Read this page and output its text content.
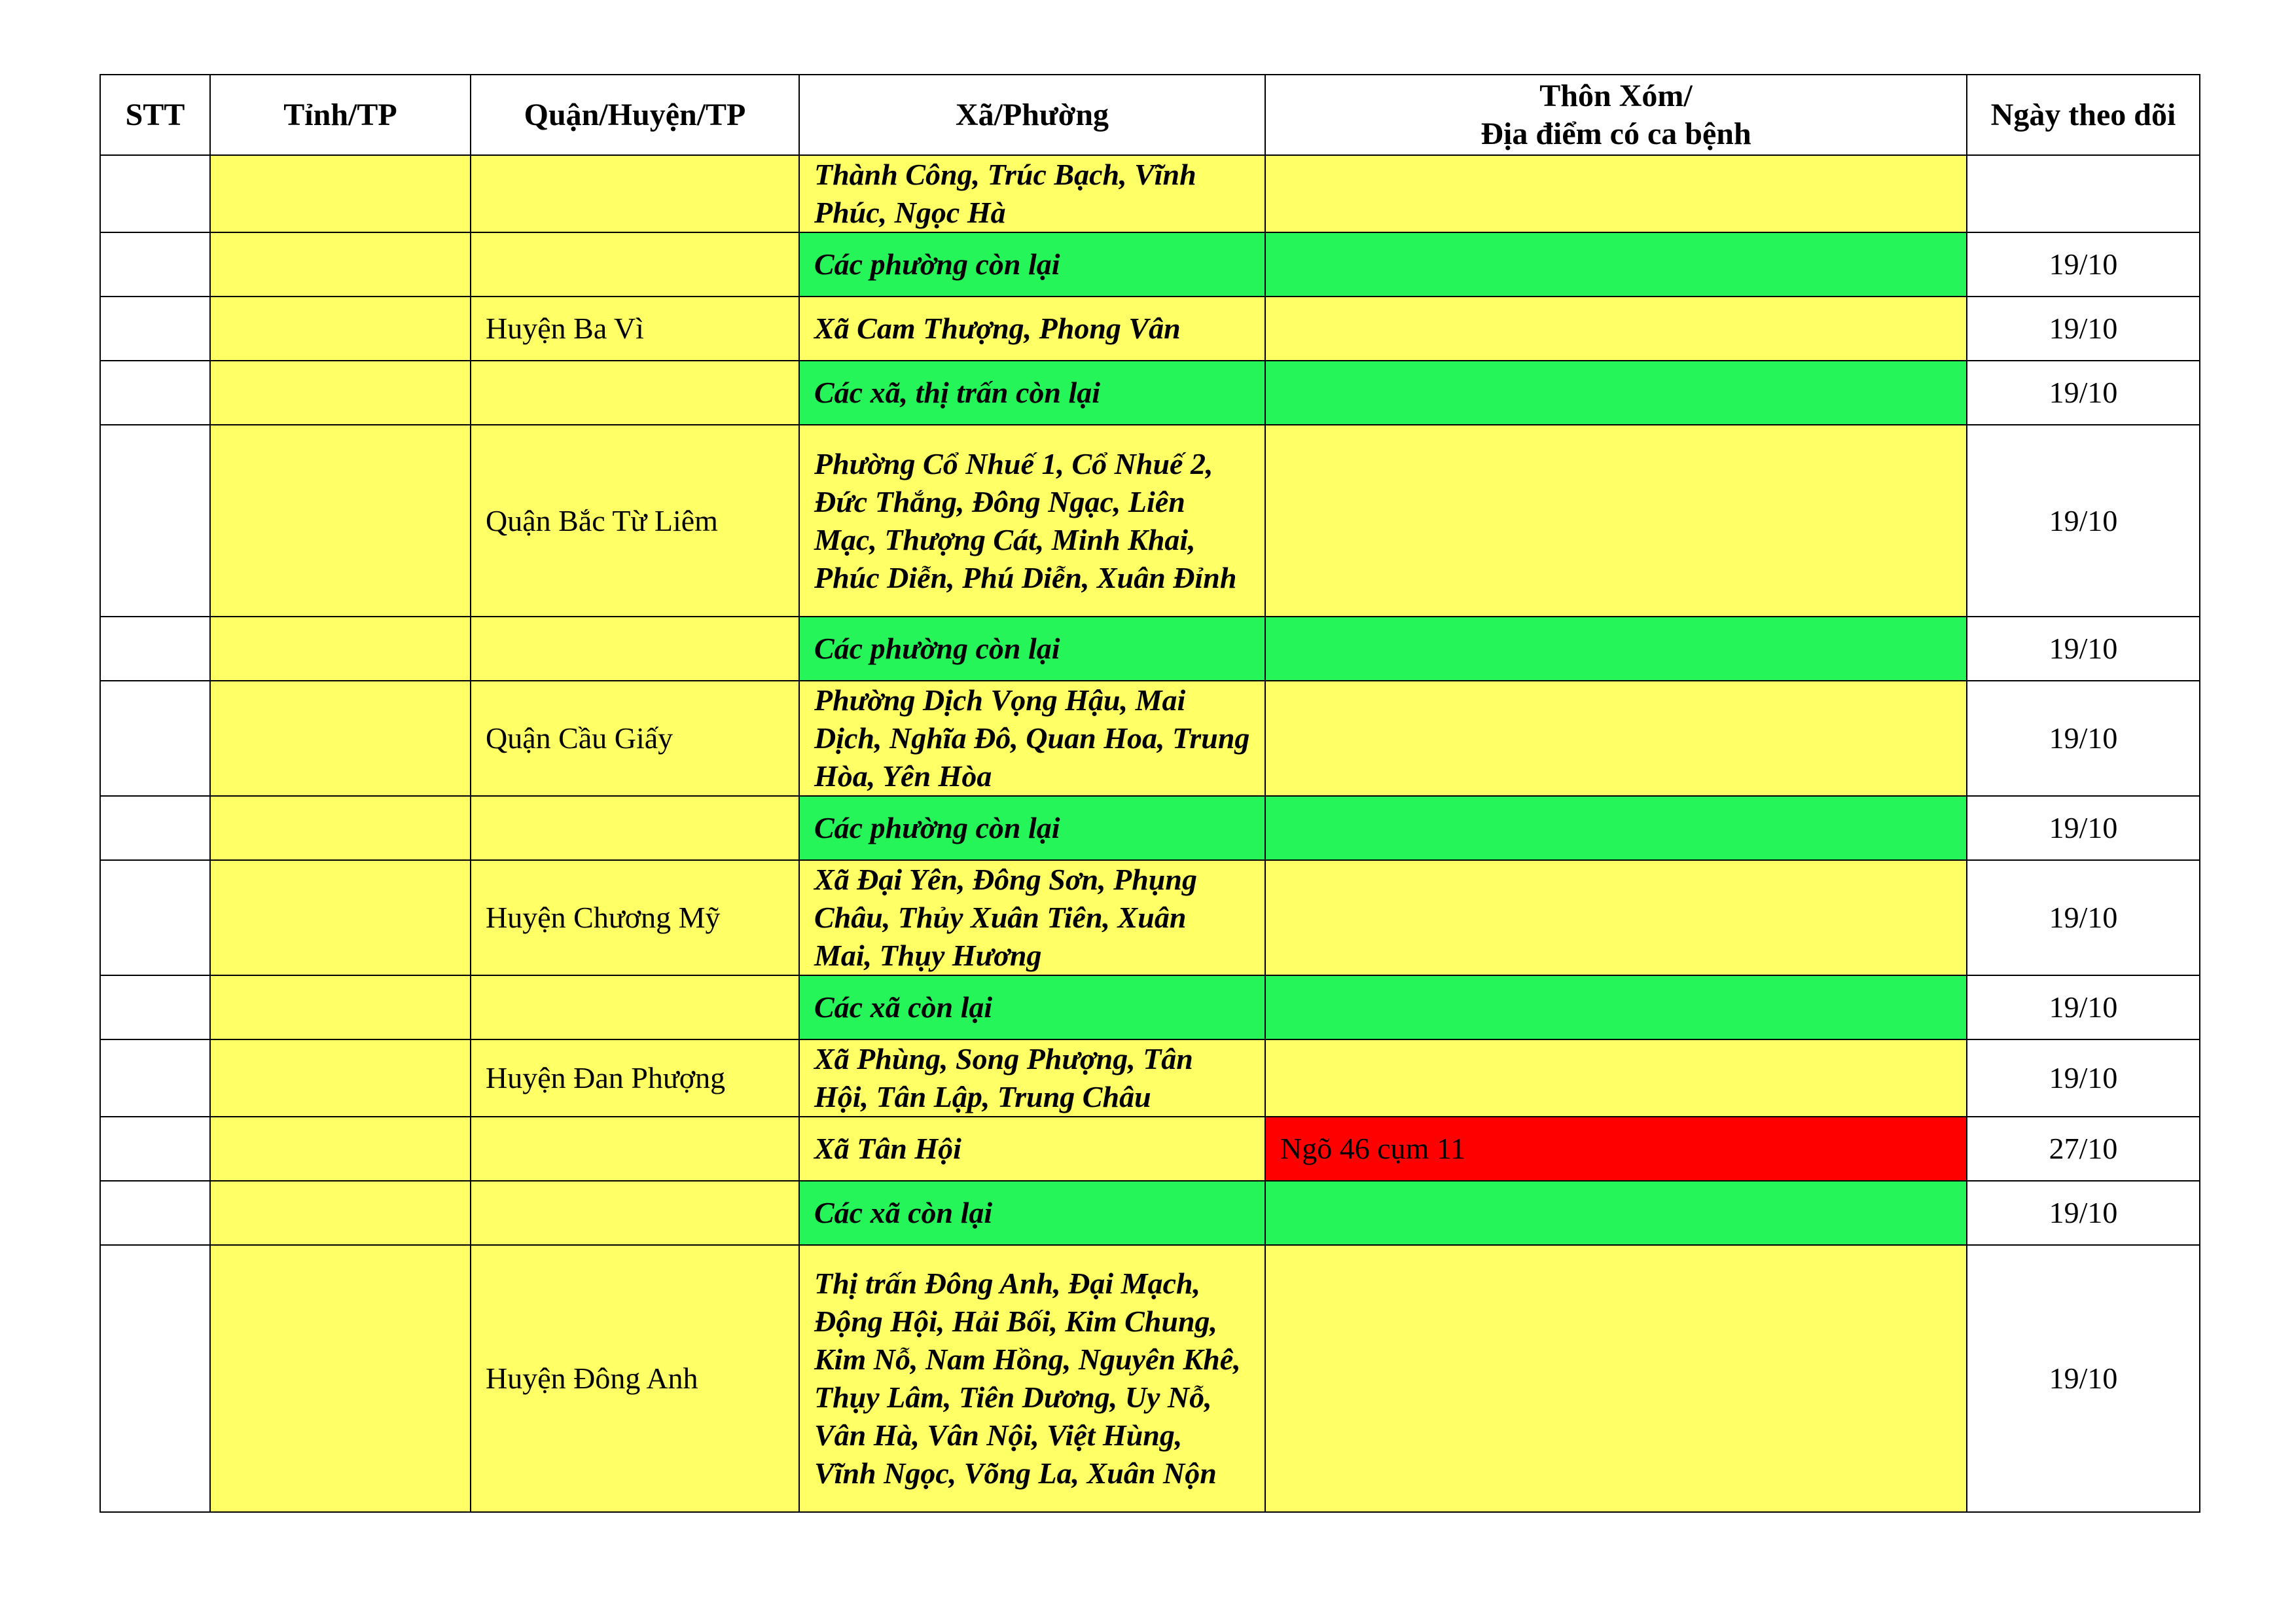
STT	Tỉnh/TP	Quận/Huyện/TP	Xã/Phường	Thôn Xóm/
Địa điểm có ca bệnh	Ngày theo dõi
			Thành Công, Trúc Bạch, Vĩnh Phúc, Ngọc Hà		
			Các phường còn lại		19/10
		Huyện Ba Vì	Xã Cam Thượng, Phong Vân		19/10
			Các xã, thị trấn còn lại		19/10
		Quận Bắc Từ Liêm	Phường Cổ Nhuế 1, Cổ Nhuế 2, Đức Thắng, Đông Ngạc, Liên Mạc, Thượng Cát, Minh Khai, Phúc Diễn, Phú Diễn, Xuân Đỉnh		19/10
			Các phường còn lại		19/10
		Quận Cầu Giấy	Phường Dịch Vọng Hậu, Mai Dịch, Nghĩa Đô, Quan Hoa, Trung Hòa, Yên Hòa		19/10
			Các phường còn lại		19/10
		Huyện Chương Mỹ	Xã Đại Yên, Đông Sơn, Phụng Châu, Thủy Xuân Tiên, Xuân Mai, Thụy Hương		19/10
			Các xã còn lại		19/10
		Huyện Đan Phượng	Xã Phùng, Song Phượng, Tân Hội, Tân Lập, Trung Châu		19/10
			Xã Tân Hội	Ngõ 46 cụm 11	27/10
			Các xã còn lại		19/10
		Huyện Đông Anh	Thị trấn Đông Anh, Đại Mạch, Động Hội, Hải Bối, Kim Chung, Kim Nỗ, Nam Hồng, Nguyên Khê, Thụy Lâm, Tiên Dương, Uy Nỗ, Vân Hà, Vân Nội, Việt Hùng, Vĩnh Ngọc, Võng La, Xuân Nộn		19/10
